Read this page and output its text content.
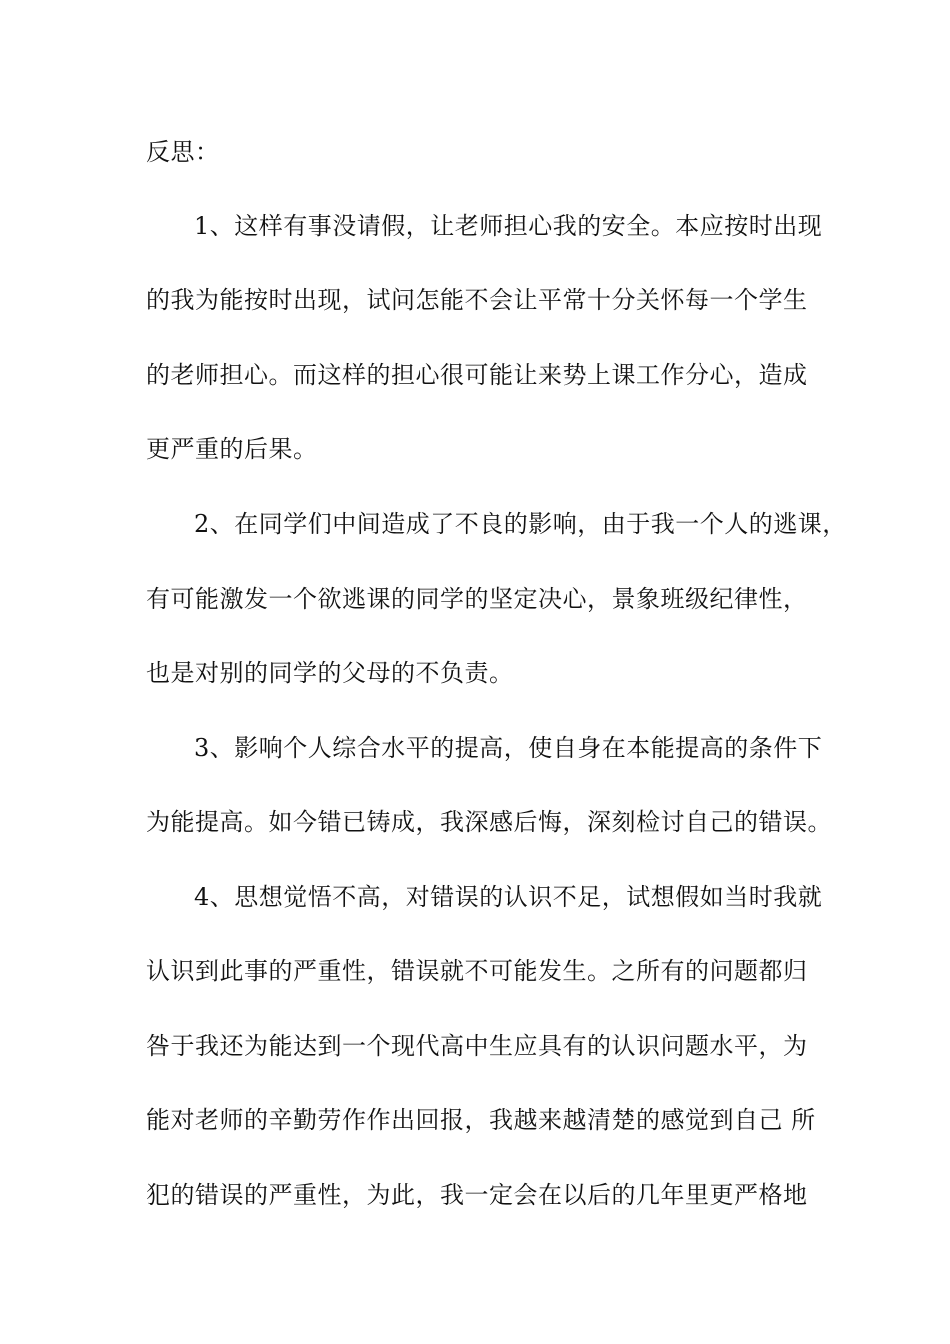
反思：
1、这样有事没请假，让老师担心我的安全。本应按时出现
的我为能按时出现，试问怎能不会让平常十分关怀每一个学生
的老师担心。而这样的担心很可能让来势上课工作分心，造成
更严重的后果。
2、在同学们中间造成了不良的影响，由于我一个人的逃课，
有可能激发一个欲逃课的同学的坚定决心，景象班级纪律性，
也是对别的同学的父母的不负责。
3、影响个人综合水平的提高，使自身在本能提高的条件下
为能提高。如今错已铸成，我深感后悔，深刻检讨自己的错误。
4、思想觉悟不高，对错误的认识不足，试想假如当时我就
认识到此事的严重性，错误就不可能发生。之所有的问题都归
咎于我还为能达到一个现代高中生应具有的认识问题水平，为
能对老师的辛勤劳作作出回报，我越来越清楚的感觉到自己 所
犯的错误的严重性，为此，我一定会在以后的几年里更严格地
